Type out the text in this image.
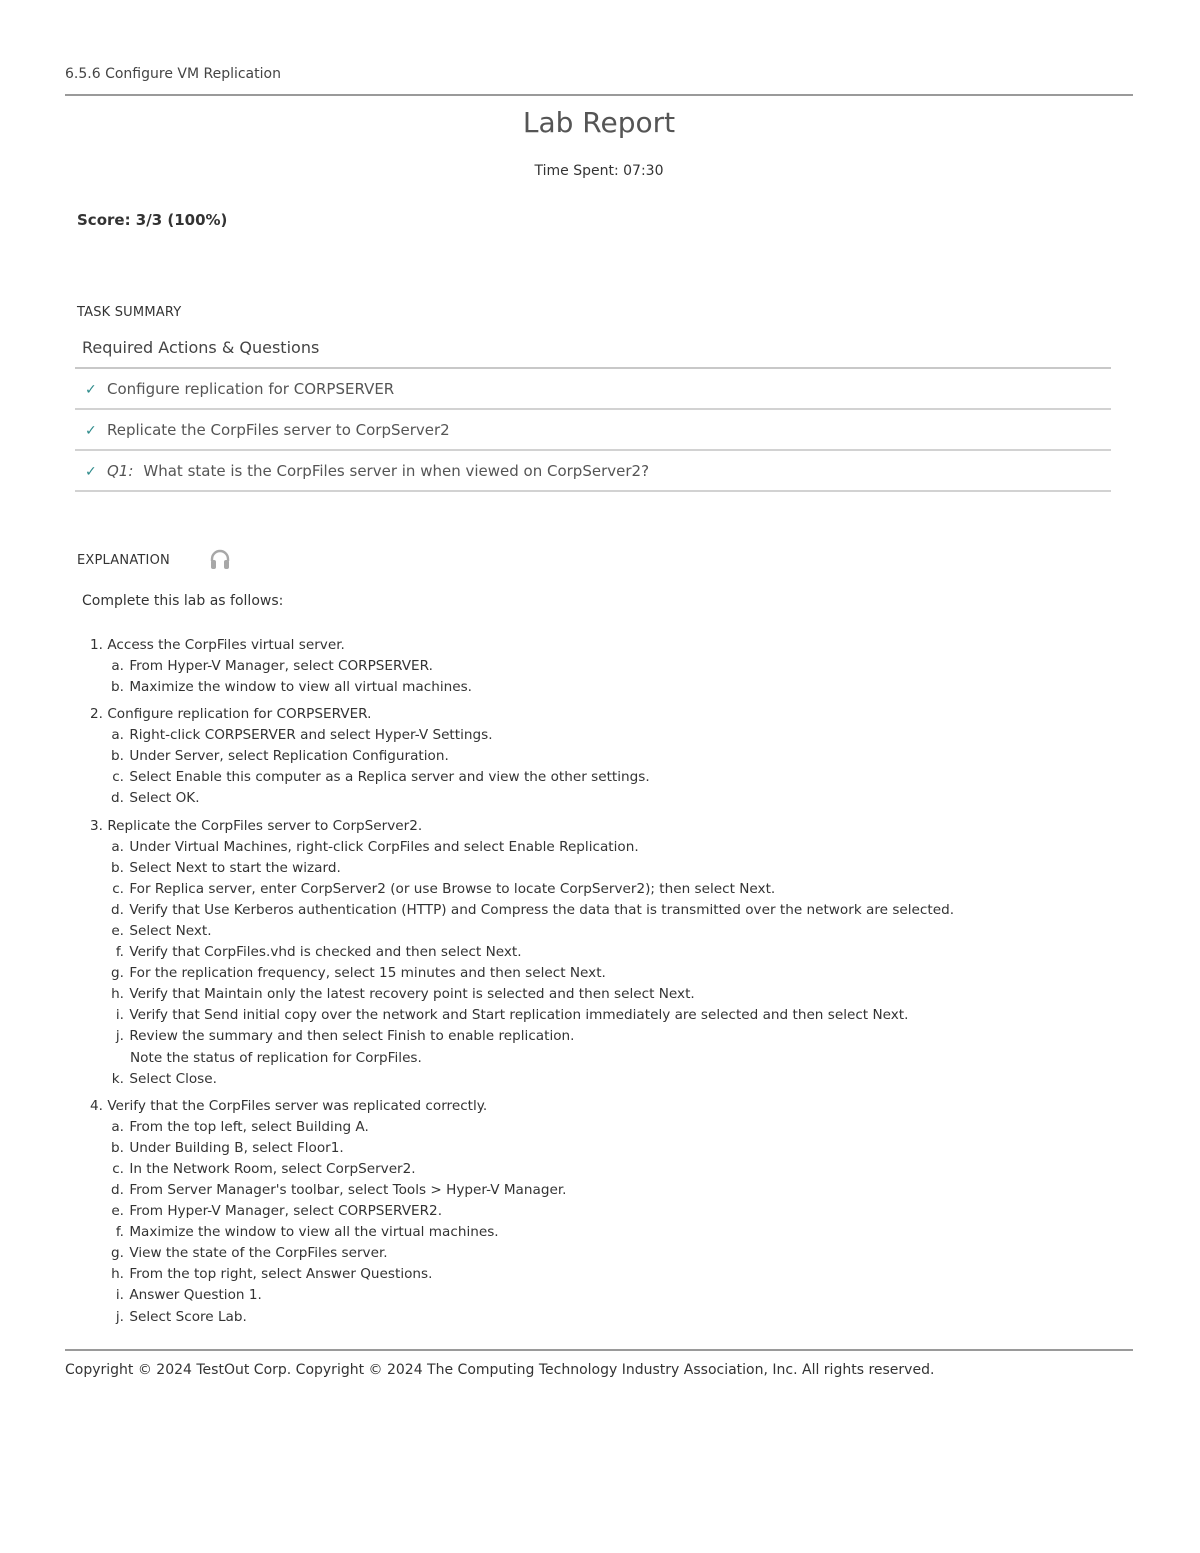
6.5.6 Configure VM Replication
Lab Report
Time Spent: 07:30
Score: 3/3 (100%)
TASK SUMMARY
Required Actions & Questions
✓ Configure replication for CORPSERVER
✓ Replicate the CorpFiles server to CorpServer2
✓ Q1: What state is the CorpFiles server in when viewed on CorpServer2?
EXPLANATION
Complete this lab as follows:
1. Access the CorpFiles virtual server.
a. From Hyper-V Manager, select CORPSERVER.
b. Maximize the window to view all virtual machines.
2. Configure replication for CORPSERVER.
a. Right-click CORPSERVER and select Hyper-V Settings.
b. Under Server, select Replication Configuration.
c. Select Enable this computer as a Replica server and view the other settings.
d. Select OK.
3. Replicate the CorpFiles server to CorpServer2.
a. Under Virtual Machines, right-click CorpFiles and select Enable Replication.
b. Select Next to start the wizard.
c. For Replica server, enter CorpServer2 (or use Browse to locate CorpServer2); then select Next.
d. Verify that Use Kerberos authentication (HTTP) and Compress the data that is transmitted over the network are selected.
e. Select Next.
f. Verify that CorpFiles.vhd is checked and then select Next.
g. For the replication frequency, select 15 minutes and then select Next.
h. Verify that Maintain only the latest recovery point is selected and then select Next.
i. Verify that Send initial copy over the network and Start replication immediately are selected and then select Next.
j. Review the summary and then select Finish to enable replication.
Note the status of replication for CorpFiles.
k. Select Close.
4. Verify that the CorpFiles server was replicated correctly.
a. From the top left, select Building A.
b. Under Building B, select Floor1.
c. In the Network Room, select CorpServer2.
d. From Server Manager's toolbar, select Tools > Hyper-V Manager.
e. From Hyper-V Manager, select CORPSERVER2.
f. Maximize the window to view all the virtual machines.
g. View the state of the CorpFiles server.
h. From the top right, select Answer Questions.
i. Answer Question 1.
j. Select Score Lab.
Copyright © 2024 TestOut Corp. Copyright © 2024 The Computing Technology Industry Association, Inc. All rights reserved.
